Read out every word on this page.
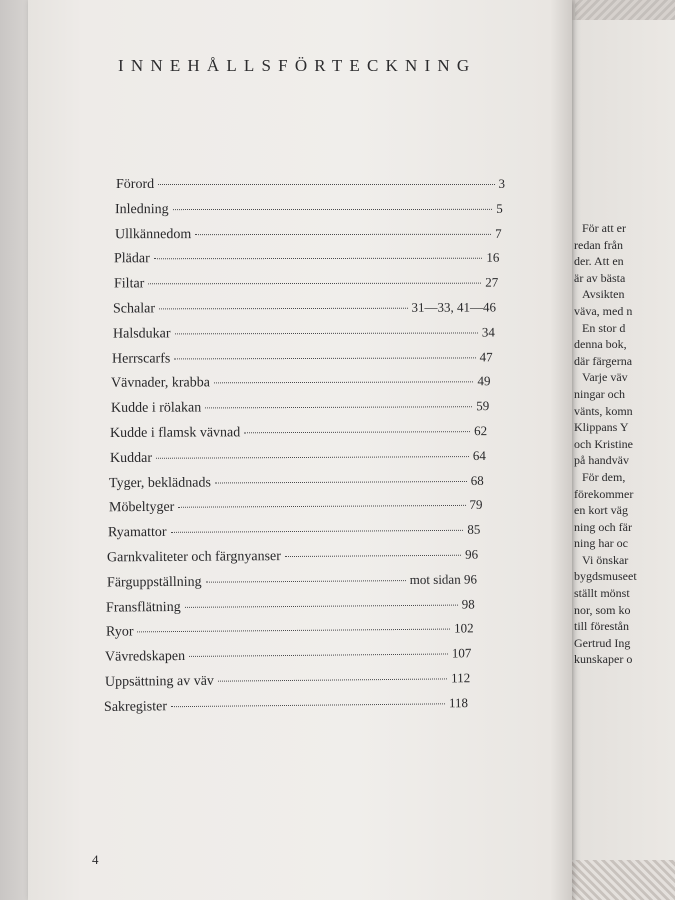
För att er
redan från
der. Att en
är av bästa
Avsikten
väva, med n
En stor d
denna bok,
där färgerna
Varje väv
ningar och
vänts, komn
Klippans Y
och Kristine
på handväv
För dem,
förekommer
en kort väg
ning och fär
ning har oc
Vi önskar
bygdsmuseet
ställt mönst
nor, som ko
till förestån
Gertrud Ing
kunskaper o
INNEHÅLLSFÖRTECKNING
Förord	3
Inledning	5
Ullkännedom	7
Plädar	16
Filtar	27
Schalar	31—33, 41—46
Halsdukar	34
Herrscarfs	47
Vävnader, krabba	49
Kudde i rölakan	59
Kudde i flamsk vävnad	62
Kuddar	64
Tyger, beklädnads	68
Möbeltyger	79
Ryamattor	85
Garnkvaliteter och färgnyanser	96
Färguppställning	mot sidan 96
Fransflätning	98
Ryor	102
Vävredskapen	107
Uppsättning av väv	112
Sakregister	118
4
